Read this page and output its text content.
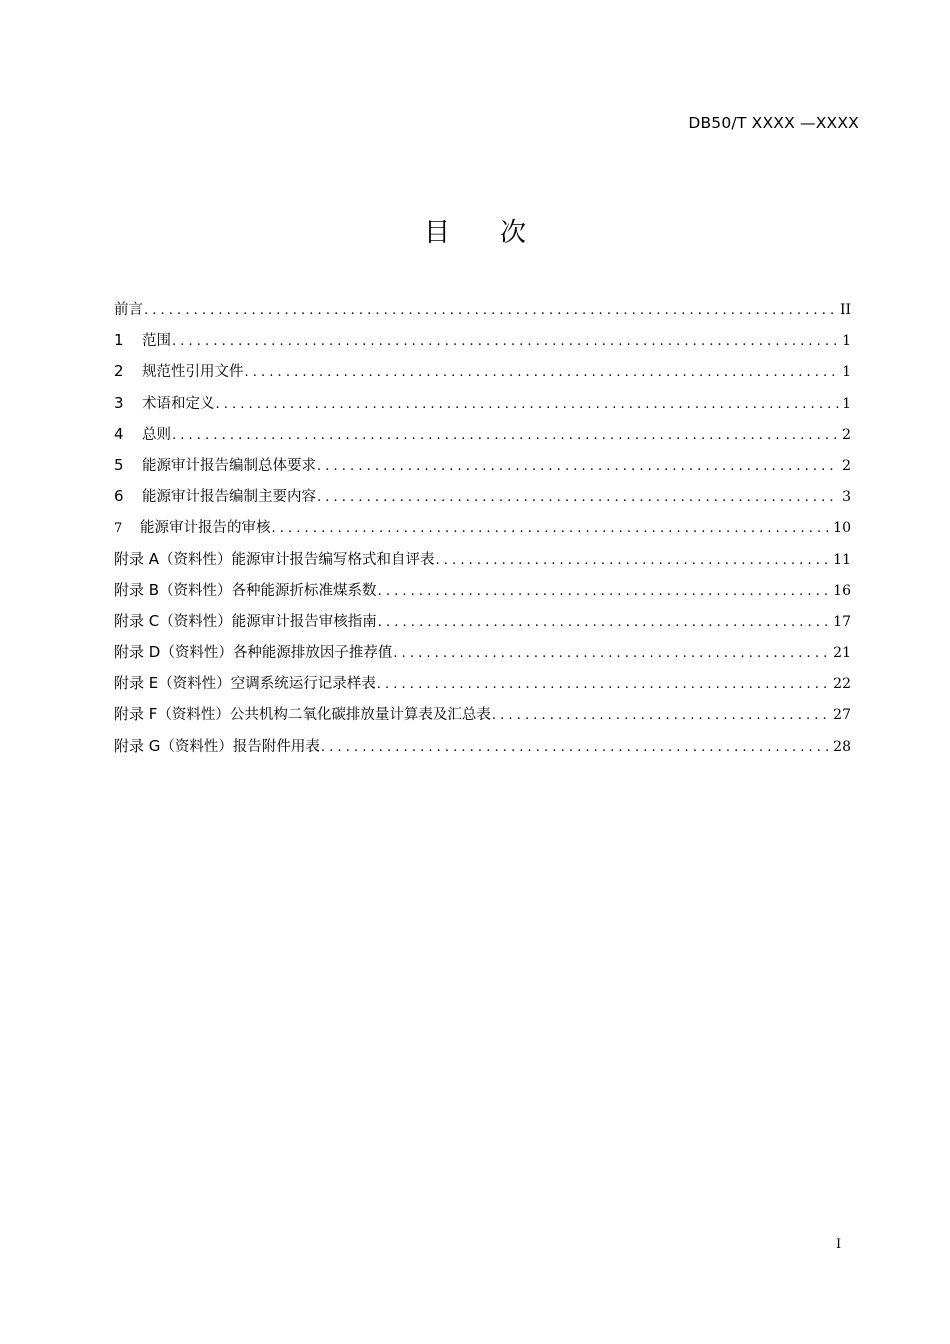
DB50/T XXXX —XXXX
目 次
前言 . . .	II
1	范围 . . .	1
2	规范性引用文件 . . .	1
3	术语和定义 . . .	1
4	总则 . . .	2
5	能源审计报告编制总体要求 . . .	2
6	能源审计报告编制主要内容 . . .	3
7	能源审计报告的审核 . . .	10
附录 A （资料性） 能源审计报告编写格式和自评表 . . .	11
附录 B （资料性） 各种能源折标准煤系数 . . .	16
附录 C （资料性） 能源审计报告审核指南 . . .	17
附录 D （资料性） 各种能源排放因子推荐值 . . .	21
附录 E （资料性） 空调系统运行记录样表 . . .	22
附录 F （资料性） 公共机构二氧化碳排放量计算表及汇总表 . . .	27
附录 G （资料性） 报告附件用表 . . .	28
I
